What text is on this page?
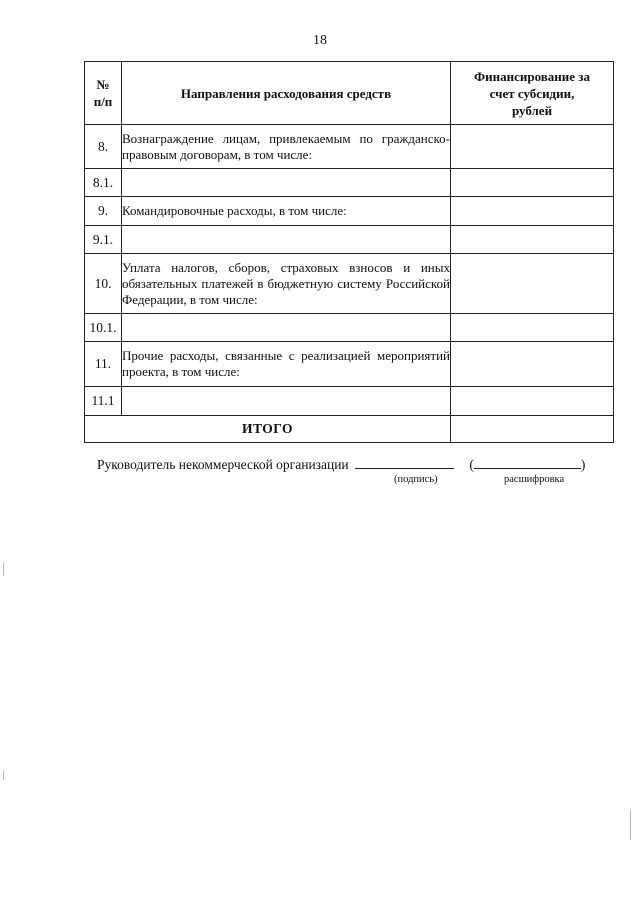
18
№ п/п	Направления расходования средств	Финансирование за счет субсидии, рублей
8.	Вознаграждение лицам, привлекаемым по гражданско-правовым договорам, в том числе:	
8.1.		
9.	Командировочные расходы, в том числе:	
9.1.		
10.	Уплата налогов, сборов, страховых взносов и иных обязательных платежей в бюджетную систему Российской Федерации, в том числе:	
10.1.		
11.	Прочие расходы, связанные с реализацией мероприятий проекта, в том числе:	
11.1		
ИТОГО		
Руководитель некоммерческой организации	(	)
(подпись)	расшифровка
